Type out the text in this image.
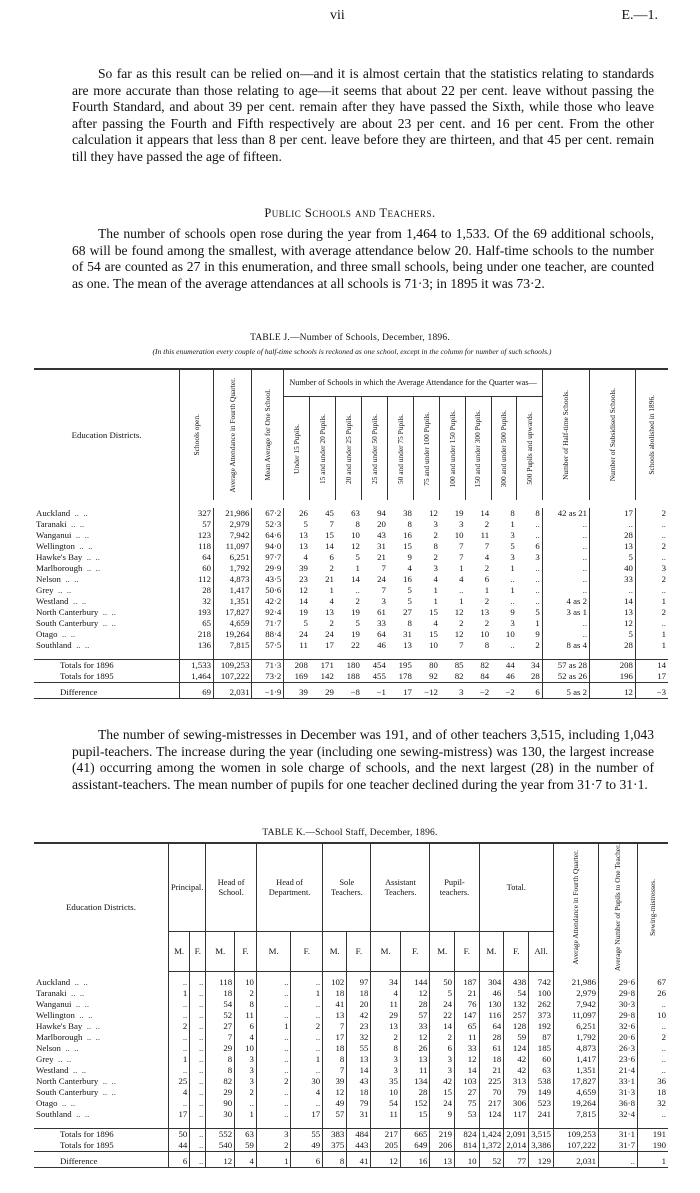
vii	E.—1.

So far as this result can be relied on—and it is almost certain that the statistics relating to standards are more accurate than those relating to age—it seems that about 22 per cent. leave without passing the Fourth Standard, and about 39 per cent. remain after they have passed the Sixth, while those who leave after passing the Fourth and Fifth respectively are about 23 per cent. and 16 per cent. From the other calculation it appears that less than 8 per cent. leave before they are thirteen, and that 45 per cent. remain till they have passed the age of fifteen.

Public Schools and Teachers.

The number of schools open rose during the year from 1,464 to 1,533. Of the 69 additional schools, 68 will be found among the smallest, with average attendance below 20. Half-time schools to the number of 54 are counted as 27 in this enumeration, and three small schools, being under one teacher, are counted as one. The mean of the average attendances at all schools is 71·3; in 1895 it was 73·2.

TABLE J.—Number of Schools, December, 1896.
(In this enumeration every couple of half-time schools is reckoned as one school, except in the column for number of such schools.)
Education Districts.	Schools open.	Average Attendance in Fourth Quarter.	Mean Average for One School.	Number of Schools in which the Average Attendance for the Quarter was—										Number of Half-time Schools.	Number of Subsidised Schools.	Schools abolished in 1896.

				Under 15 Pupils.	15 and under 20 Pupils.	20 and under 25 Pupils.	25 and under 50 Pupils.	50 and under 75 Pupils.	75 and under 100 Pupils.	100 and under 150 Pupils.	150 and under 300 Pupils.	300 and under 500 Pupils.	500 Pupils and upwards.			

Auckland  ..  ..	327	21,986	67·2	26	45	63	94	38	12	19	14	8	8	42 as 21	17	2
Taranaki  ..  ..	57	2,979	52·3	5	7	8	20	8	3	3	2	1	..	..	..	..
Wanganui  ..  ..	123	7,942	64·6	13	15	10	43	16	2	10	11	3	..	..	28	..
Wellington  ..  ..	118	11,097	94·0	13	14	12	31	15	8	7	7	5	6	..	13	2
Hawke's Bay  ..  ..	64	6,251	97·7	4	6	5	21	9	2	7	4	3	3	..	5	..
Marlborough  ..  ..	60	1,792	29·9	39	2	1	7	4	3	1	2	1	..	..	40	3
Nelson  ..  ..	112	4,873	43·5	23	21	14	24	16	4	4	6	..	..	..	33	2
Grey  ..  ..	28	1,417	50·6	12	1	..	7	5	1	..	1	1	..	..	..	..
Westland  ..  ..	32	1,351	42·2	14	4	2	3	5	1	1	2	..	..	4 as 2	14	1
North Canterbury  ..  ..	193	17,827	92·4	19	13	19	61	27	15	12	13	9	5	3 as 1	13	2
South Canterbury  ..  ..	65	4,659	71·7	5	2	5	33	8	4	2	2	3	1	..	12	..
Otago  ..  ..	218	19,264	88·4	24	24	19	64	31	15	12	10	10	9	..	5	1
Southland  ..  ..	136	7,815	57·5	11	17	22	46	13	10	7	8	..	2	8 as 4	28	1

Totals for 1896	1,533	109,253	71·3	208	171	180	454	195	80	85	82	44	34	57 as 28	208	14
Totals for 1895	1,464	107,222	73·2	169	142	188	455	178	92	82	84	46	28	52 as 26	196	17

Difference	69	2,031	−1·9	39	29	−8	−1	17	−12	3	−2	−2	6	5 as 2	12	−3

The number of sewing-mistresses in December was 191, and of other teachers 3,515, including 1,043 pupil-teachers. The increase during the year (including one sewing-mistress) was 130, the largest increase (41) occurring among the women in sole charge of schools, and the next largest (28) in the number of assistant-teachers. The mean number of pupils for one teacher declined during the year from 31·7 to 31·1.

TABLE K.—School Staff, December, 1896.
Education Districts.	Principal.		Head of School.		Head of Department.		Sole Teachers.		Assistant Teachers.		Pupil-teachers.		Total.			Average Attendance in Fourth Quarter.	Average Number of Pupils to One Teacher.	Sewing-mistresses.

	M.	F.	M.	F.	M.	F.	M.	F.	M.	F.	M.	F.	M.	F.	All.			

Auckland  ..  ..	..	..	118	10	..	..	102	97	34	144	50	187	304	438	742	21,986	29·6	67
Taranaki  ..  ..	1	..	18	2	..	1	18	18	4	12	5	21	46	54	100	2,979	29·8	26
Wanganui  ..  ..	..	..	54	8	..	..	41	20	11	28	24	76	130	132	262	7,942	30·3	..
Wellington  ..  ..	..	..	52	11	..	..	13	42	29	57	22	147	116	257	373	11,097	29·8	10
Hawke's Bay  ..  ..	2	..	27	6	1	2	7	23	13	33	14	65	64	128	192	6,251	32·6	..
Marlborough  ..  ..	..	..	7	4	..	..	17	32	2	12	2	11	28	59	87	1,792	20·6	2
Nelson  ..  ..	..	..	29	10	..	..	18	55	8	26	6	33	61	124	185	4,873	26·3	..
Grey  ..  ..	1	..	8	3	..	1	8	13	3	13	3	12	18	42	60	1,417	23·6	..
Westland  ..  ..	..	..	8	3	..	..	7	14	3	11	3	14	21	42	63	1,351	21·4	..
North Canterbury  ..  ..	25	..	82	3	2	30	39	43	35	134	42	103	225	313	538	17,827	33·1	36
South Canterbury  ..  ..	4	..	29	2	..	4	12	18	10	28	15	27	70	79	149	4,659	31·3	18
Otago  ..  ..	..	..	90	..	..	..	49	79	54	152	24	75	217	306	523	19,264	36·8	32
Southland  ..  ..	17	..	30	1	..	17	57	31	11	15	9	53	124	117	241	7,815	32·4	..

Totals for 1896	50	..	552	63	3	55	383	484	217	665	219	824	1,424	2,091	3,515	109,253	31·1	191
Totals for 1895	44	..	540	59	2	49	375	443	205	649	206	814	1,372	2,014	3,386	107,222	31·7	190

Difference	6	..	12	4	1	6	8	41	12	16	13	10	52	77	129	2,031	..	1
